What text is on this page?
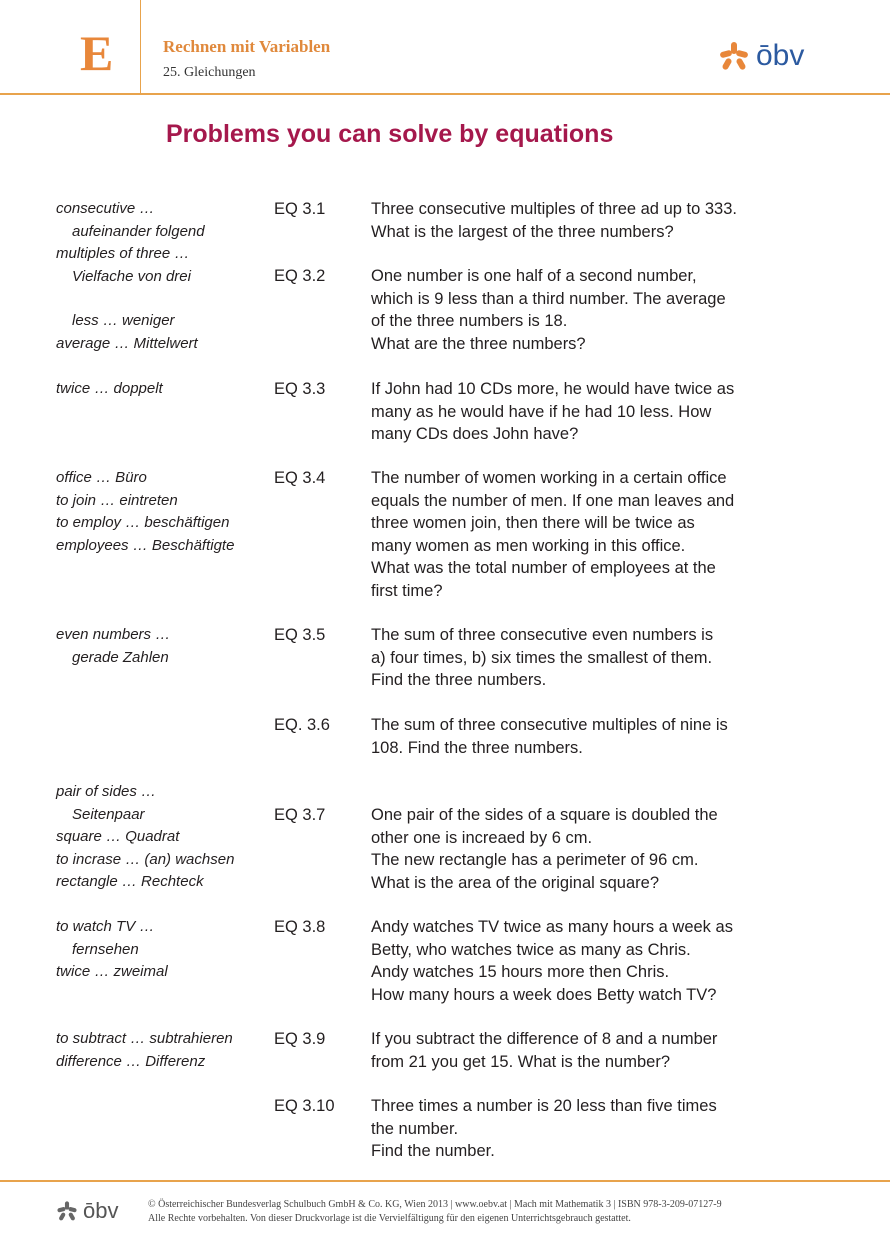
E	Rechnen mit Variablen
25. Gleichungen
ōbv
Problems you can solve by equations
consecutive …
aufeinander folgend
multiples of three …
Vielfache von drei
less … weniger
average … Mittelwert
twice … doppelt
office … Büro
to join … eintreten
to employ … beschäftigen
employees … Beschäftigte
even numbers …
gerade Zahlen
pair of sides …
Seitenpaar
square … Quadrat
to incrase … (an) wachsen
rectangle … Rechteck
to watch TV …
fernsehen
twice … zweimal
to subtract … subtrahieren
difference … Differenz
EQ 3.1	Three consecutive multiples of three ad up to 333.
What is the largest of the three numbers?
EQ 3.2	One number is one half of a second number,
which is 9 less than a third number. The average
of the three numbers is 18.
What are the three numbers?
EQ 3.3	If John had 10 CDs more, he would have twice as
many as he would have if he had 10 less. How
many CDs does John have?
EQ 3.4	The number of women working in a certain office
equals the number of men. If one man leaves and
three women join, then there will be twice as
many women as men working in this office.
What was the total number of employees at the
first time?
EQ 3.5	The sum of three consecutive even numbers is
a) four times, b) six times the smallest of them.
Find the three numbers.
EQ. 3.6 The sum of three consecutive multiples of nine is
108. Find the three numbers.
EQ 3.7	One pair of the sides of a square is doubled the
other one is increaed by 6 cm.
The new rectangle has a perimeter of 96 cm.
What is the area of the original square?
EQ 3.8	Andy watches TV twice as many hours a week as
Betty, who watches twice as many as Chris.
Andy watches 15 hours more then Chris.
How many hours a week does Betty watch TV?
EQ 3.9	If you subtract the difference of 8 and a number
from 21 you get 15. What is the number?
EQ 3.10 Three times a number is 20 less than five times
the number.
Find the number.
ōbv	© Österreichischer Bundesverlag Schulbuch GmbH & Co. KG, Wien 2013 | www.oebv.at | Mach mit Mathematik 3 | ISBN 978-3-209-07127-9
Alle Rechte vorbehalten. Von dieser Druckvorlage ist die Vervielfältigung für den eigenen Unterrichtsgebrauch gestattet.
